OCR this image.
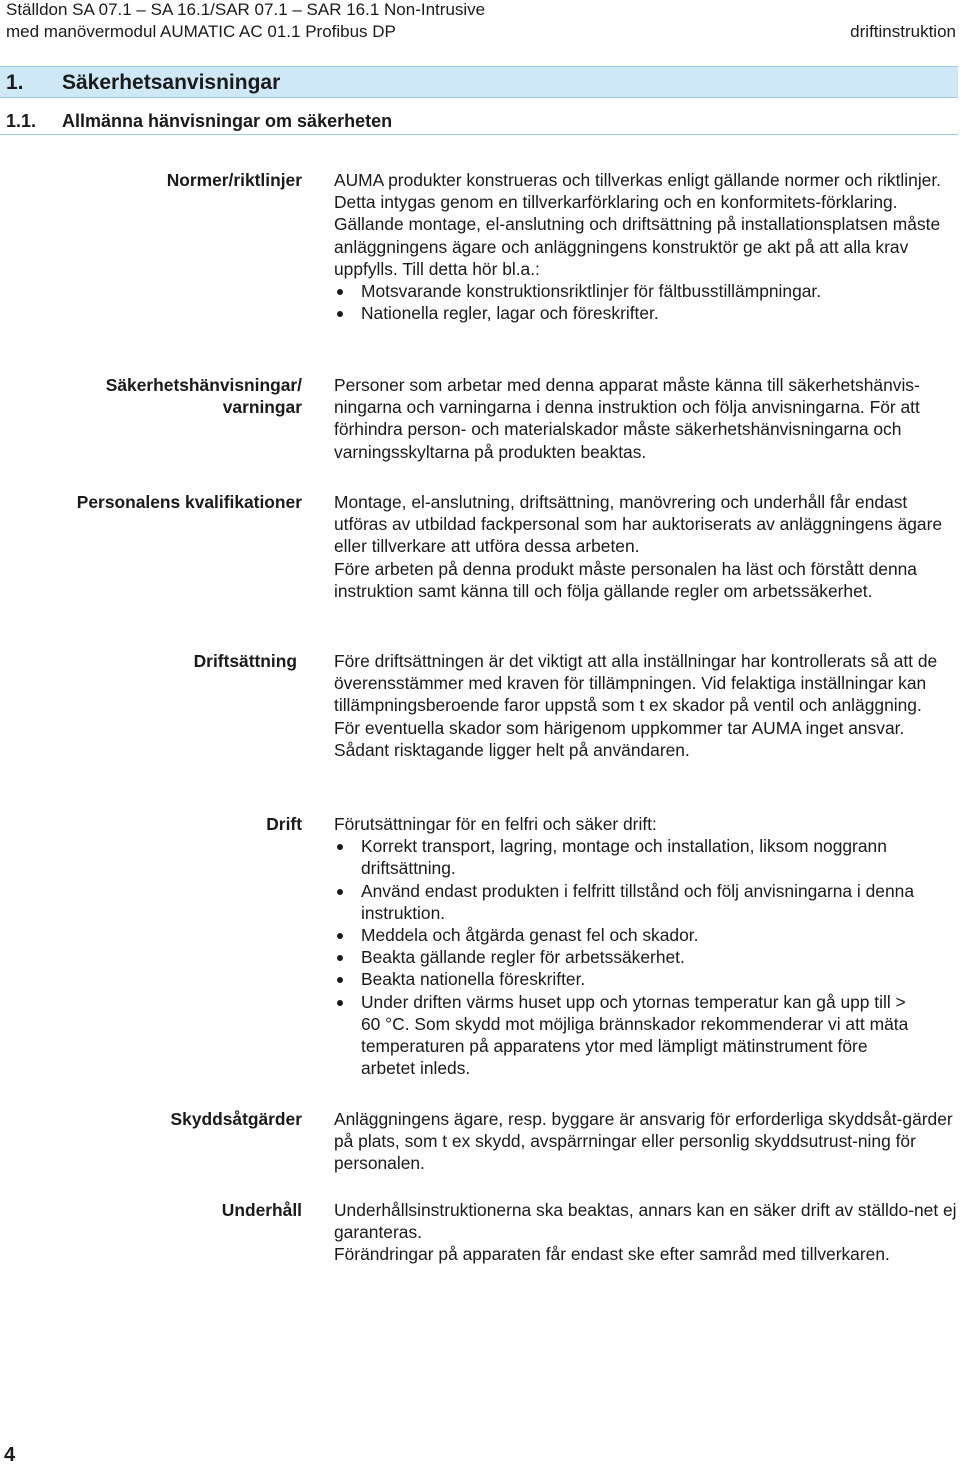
Ställdon SA 07.1 – SA 16.1/SAR 07.1 – SAR 16.1 Non-Intrusive
med manövermodul AUMATIC AC 01.1 Profibus DP	driftinstruktion
1. Säkerhetsanvisningar
1.1. Allmänna hänvisningar om säkerheten
Normer/riktlinjer AUMA produkter konstrueras och tillverkas enligt gällande normer och riktlinjer. Detta intygas genom en tillverkarförklaring och en konformitets-förklaring.

Gällande montage, el-anslutning och driftsättning på installationsplatsen måste anläggningens ägare och anläggningens konstruktör ge akt på att alla krav uppfylls. Till detta hör bl.a.:

Motsvarande konstruktionsriktlinjer för fältbusstillämpningar.
Nationella regler, lagar och föreskrifter.
Säkerhetshänvisningar/
varningar

Personer som arbetar med denna apparat måste känna till säkerhetshänvis-ningarna och varningarna i denna instruktion och följa anvisningarna. För att förhindra person- och materialskador måste säkerhetshänvisningarna och varningsskyltarna på produkten beaktas.

Personalens kvalifikationer Montage, el-anslutning, driftsättning, manövrering och underhåll får endast utföras av utbildad fackpersonal som har auktoriserats av anläggningens ägare eller tillverkare att utföra dessa arbeten.

Före arbeten på denna produkt måste personalen ha läst och förstått denna instruktion samt känna till och följa gällande regler om arbetssäkerhet.

Driftsättning Före driftsättningen är det viktigt att alla inställningar har kontrollerats så att de överensstämmer med kraven för tillämpningen. Vid felaktiga inställningar kan tillämpningsberoende faror uppstå som t ex skador på ventil och anläggning.

För eventuella skador som härigenom uppkommer tar AUMA inget ansvar. Sådant risktagande ligger helt på användaren.

Drift Förutsättningar för en felfri och säker drift:

Korrekt transport, lagring, montage och installation, liksom noggrann driftsättning.
Använd endast produkten i felfritt tillstånd och följ anvisningarna i denna instruktion.
Meddela och åtgärda genast fel och skador.
Beakta gällande regler för arbetssäkerhet.
Beakta nationella föreskrifter.
Under driften värms huset upp och ytornas temperatur kan gå upp till > 60 °C. Som skydd mot möjliga brännskador rekommenderar vi att mäta temperaturen på apparatens ytor med lämpligt mätinstrument före arbetet inleds.
Skyddsåtgärder Anläggningens ägare, resp. byggare är ansvarig för erforderliga skyddsåt-gärder på plats, som t ex skydd, avspärrningar eller personlig skyddsutrust-ning för personalen.

Underhåll Underhållsinstruktionerna ska beaktas, annars kan en säker drift av ställdo-net ej garanteras.

Förändringar på apparaten får endast ske efter samråd med tillverkaren.

4
